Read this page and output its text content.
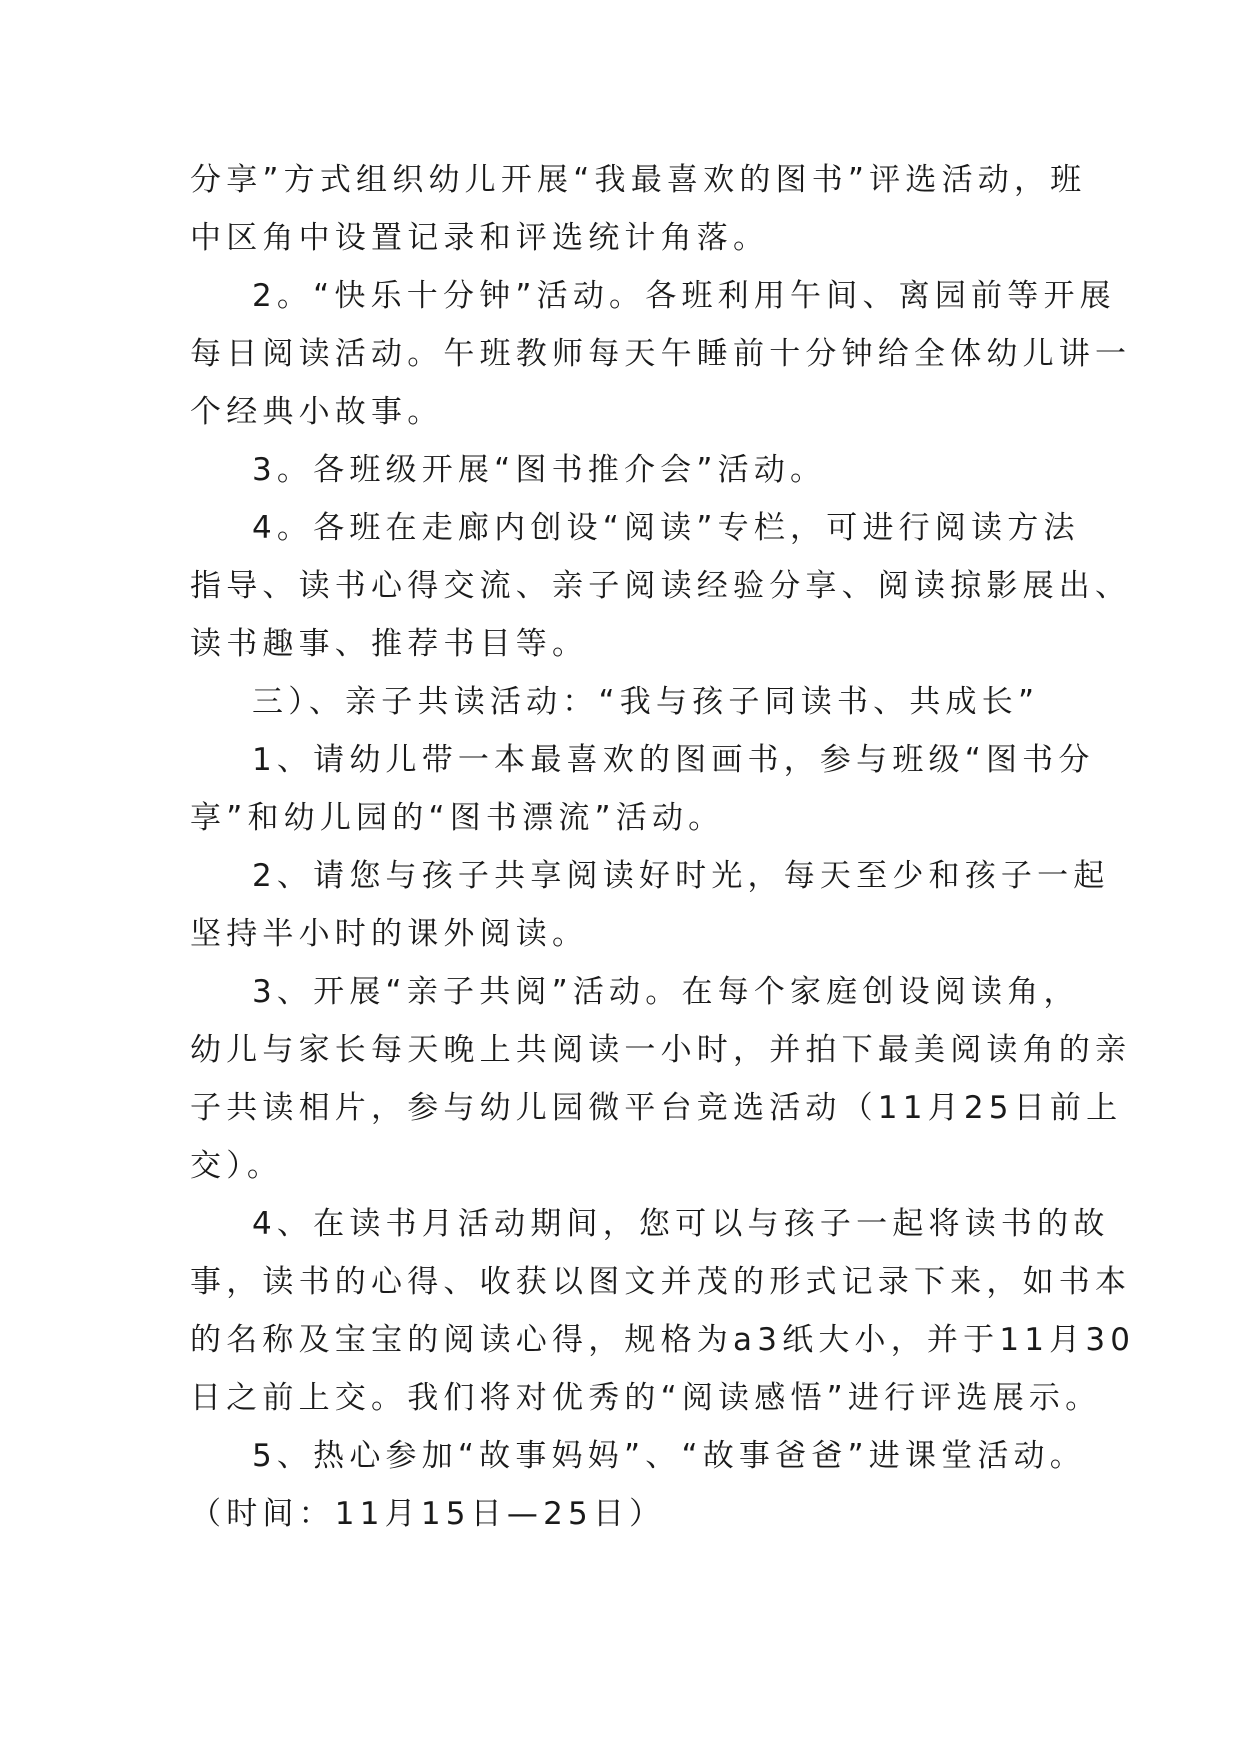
分享”方式组织幼儿开展“我最喜欢的图书”评选活动，班
中区角中设置记录和评选统计角落。
2。“快乐十分钟”活动。各班利用午间、离园前等开展
每日阅读活动。午班教师每天午睡前十分钟给全体幼儿讲一
个经典小故事。
3。各班级开展“图书推介会”活动。
4。各班在走廊内创设“阅读”专栏，可进行阅读方法
指导、读书心得交流、亲子阅读经验分享、阅读掠影展出、
读书趣事、推荐书目等。
三）、亲子共读活动：“我与孩子同读书、共成长”
1、请幼儿带一本最喜欢的图画书，参与班级“图书分
享”和幼儿园的“图书漂流”活动。
2、请您与孩子共享阅读好时光，每天至少和孩子一起
坚持半小时的课外阅读。
3、开展“亲子共阅”活动。在每个家庭创设阅读角，
幼儿与家长每天晚上共阅读一小时，并拍下最美阅读角的亲
子共读相片，参与幼儿园微平台竞选活动（11月25日前上
交）。
4、在读书月活动期间，您可以与孩子一起将读书的故
事，读书的心得、收获以图文并茂的形式记录下来，如书本
的名称及宝宝的阅读心得，规格为a3纸大小，并于11月30
日之前上交。我们将对优秀的“阅读感悟”进行评选展示。
5、热心参加“故事妈妈”、“故事爸爸”进课堂活动。
（时间：11月15日—25日）
